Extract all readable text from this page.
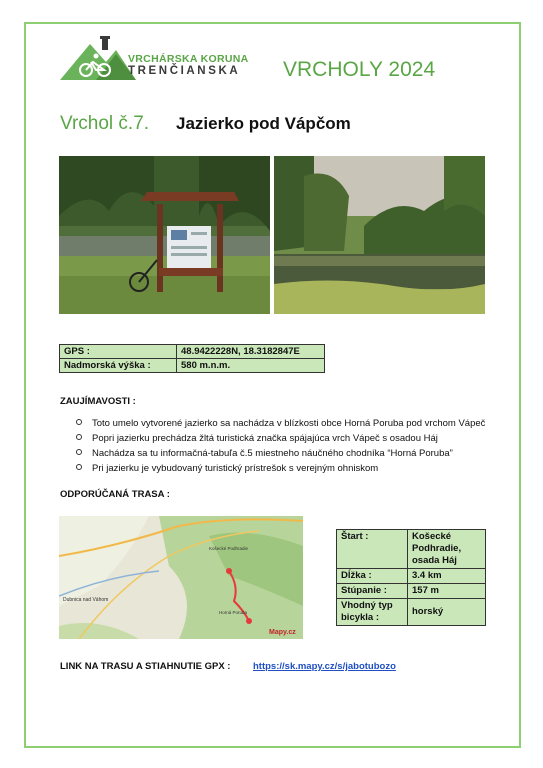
VRCHÁRSKA KORUNA
TRENČIANSKA VRCHOLY 2024
Vrchol č.7. Jazierko pod Vápčom
GPS :	48.9422228N, 18.3182847E
Nadmorská výška :	580 m.n.m.
ZAUJÍMAVOSTI :
Toto umelo vytvorené jazierko sa nachádza v blízkosti obce Horná Poruba pod vrchom Vápeč
Popri jazierku prechádza žltá turistická značka spájajúca vrch Vápeč s osadou Háj
Nachádza sa tu informačná-tabuľa č.5 miestneho náučného chodníka “Horná Poruba”
Pri jazierku je vybudovaný turistický prístrešok s verejným ohniskom
ODPORÚČANÁ TRASA :
Dubnica nad Váhom
Košecké Podhradie
Horná Poruba
Mapy.cz
Štart :	Košecké Podhradie, osada Háj
Dĺžka :	3.4 km
Stúpanie :	157 m
Vhodný typ bicykla :	horský
LINK NA TRASU A STIAHNUTIE GPX : https://sk.mapy.cz/s/jabotubozo
